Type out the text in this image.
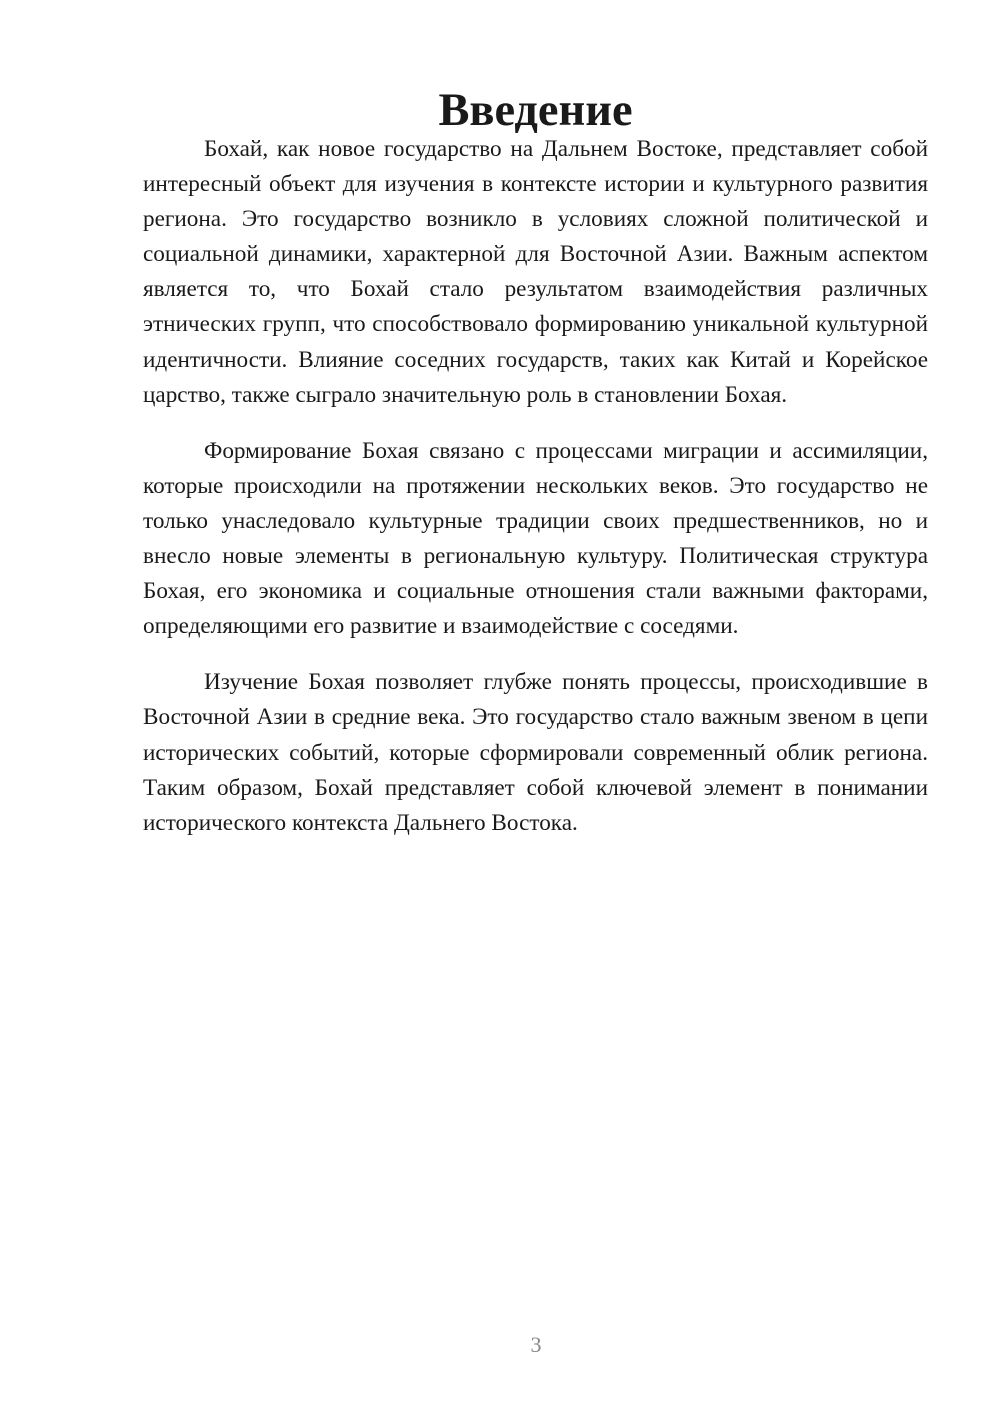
Введение

Бохай, как новое государство на Дальнем Востоке, представляет собой интересный объект для изучения в контексте истории и культурного развития региона. Это государство возникло в условиях сложной политической и социальной динамики, характерной для Восточной Азии. Важным аспектом является то, что Бохай стало результатом взаимодействия различных этнических групп, что способствовало формированию уникальной культурной идентичности. Влияние соседних государств, таких как Китай и Корейское царство, также сыграло значительную роль в становлении Бохая.

Формирование Бохая связано с процессами миграции и ассимиляции, которые происходили на протяжении нескольких веков. Это государство не только унаследовало культурные традиции своих предшественников, но и внесло новые элементы в региональную культуру. Политическая структура Бохая, его экономика и социальные отношения стали важными факторами, определяющими его развитие и взаимодействие с соседями.

Изучение Бохая позволяет глубже понять процессы, происходившие в Восточной Азии в средние века. Это государство стало важным звеном в цепи исторических событий, которые сформировали современный облик региона. Таким образом, Бохай представляет собой ключевой элемент в понимании исторического контекста Дальнего Востока.

3
